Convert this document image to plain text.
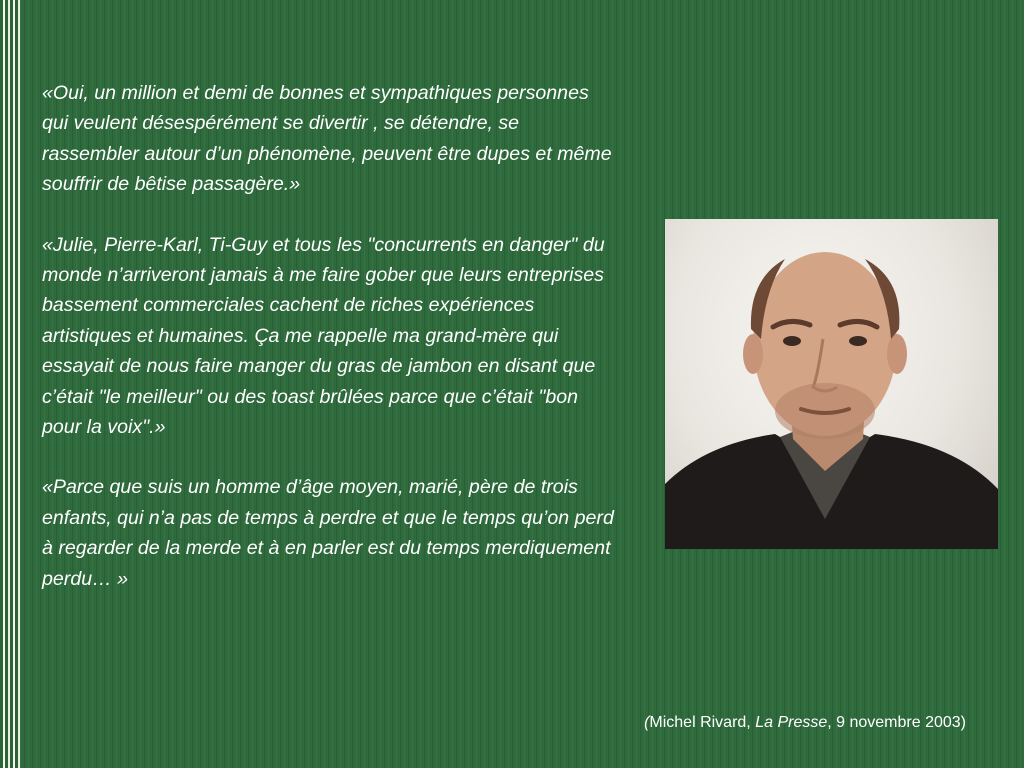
«Oui, un million et demi de bonnes et sympathiques personnes qui veulent désespérément se divertir , se détendre, se rassembler autour d’un phénomène, peuvent être dupes et même souffrir de bêtise passagère.»

«Julie, Pierre-Karl, Ti-Guy et tous les "concurrents en danger" du monde n’arriveront jamais à me faire gober que leurs entreprises bassement commerciales cachent de riches expériences artistiques et humaines. Ça me rappelle ma grand-mère qui essayait de nous faire manger du gras de jambon en disant que c’était "le meilleur" ou des toast brûlées parce que c’était "bon pour la voix".»

«Parce que suis un homme d’âge moyen, marié, père de trois enfants, qui n’a pas de temps à perdre et que le temps qu’on perd à regarder de la merde et à en parler est du temps merdiquement perdu… »

(Michel Rivard, La Presse, 9 novembre 2003)
